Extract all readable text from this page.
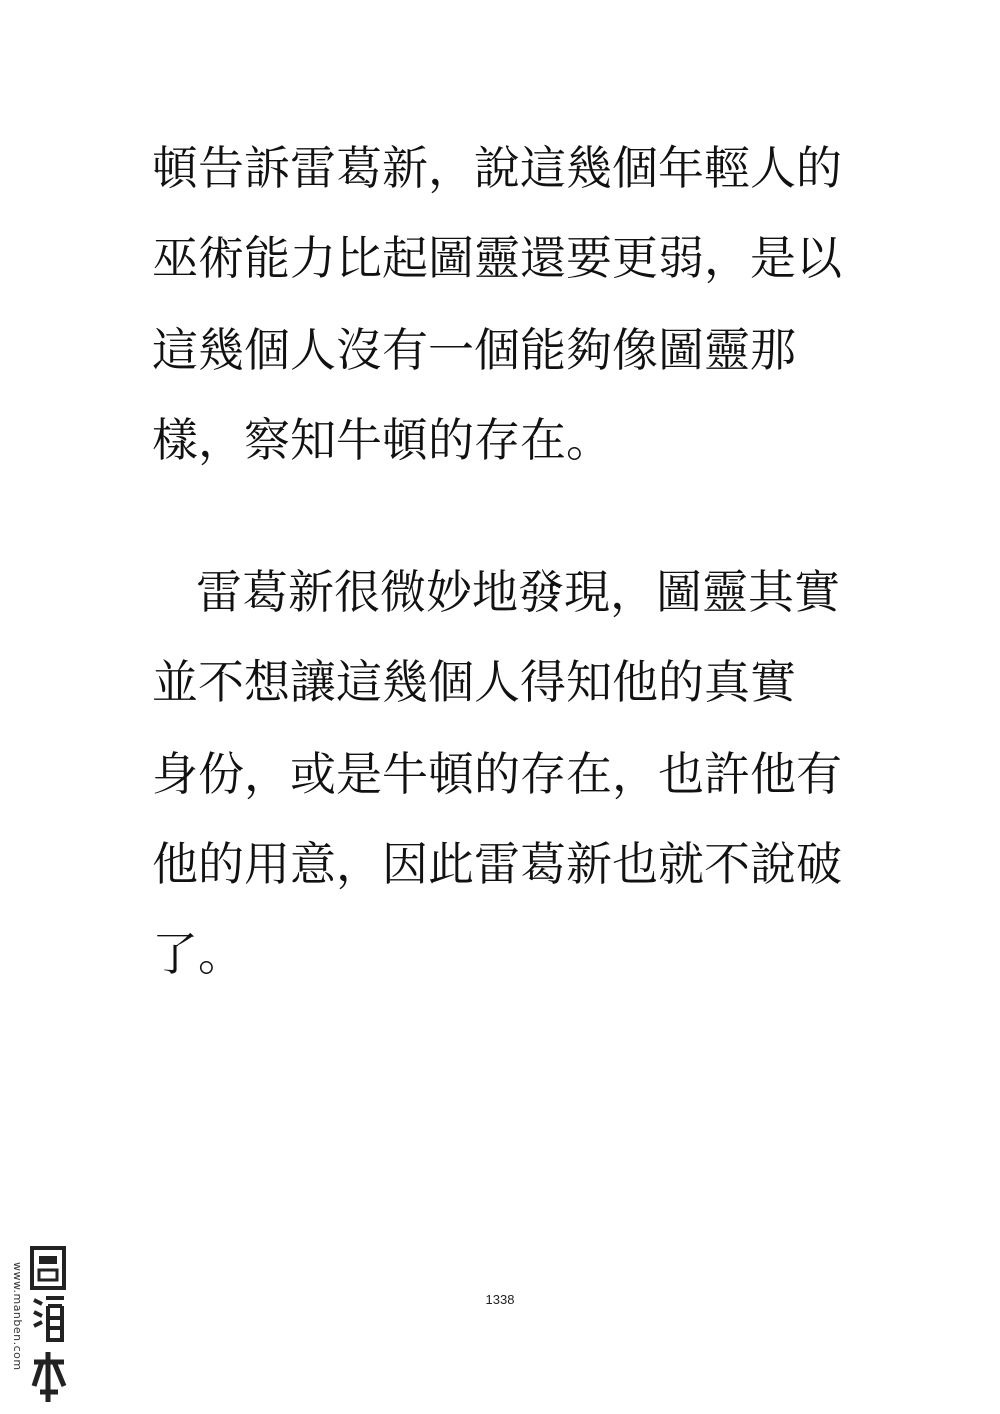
頓告訴雷葛新，說這幾個年輕人的
巫術能力比起圖靈還要更弱，是以
這幾個人沒有一個能夠像圖靈那
樣，察知牛頓的存在。
雷葛新很微妙地發現，圖靈其實
並不想讓這幾個人得知他的真實
身份，或是牛頓的存在，也許他有
他的用意，因此雷葛新也就不說破
了。
1338
www.manben.com
